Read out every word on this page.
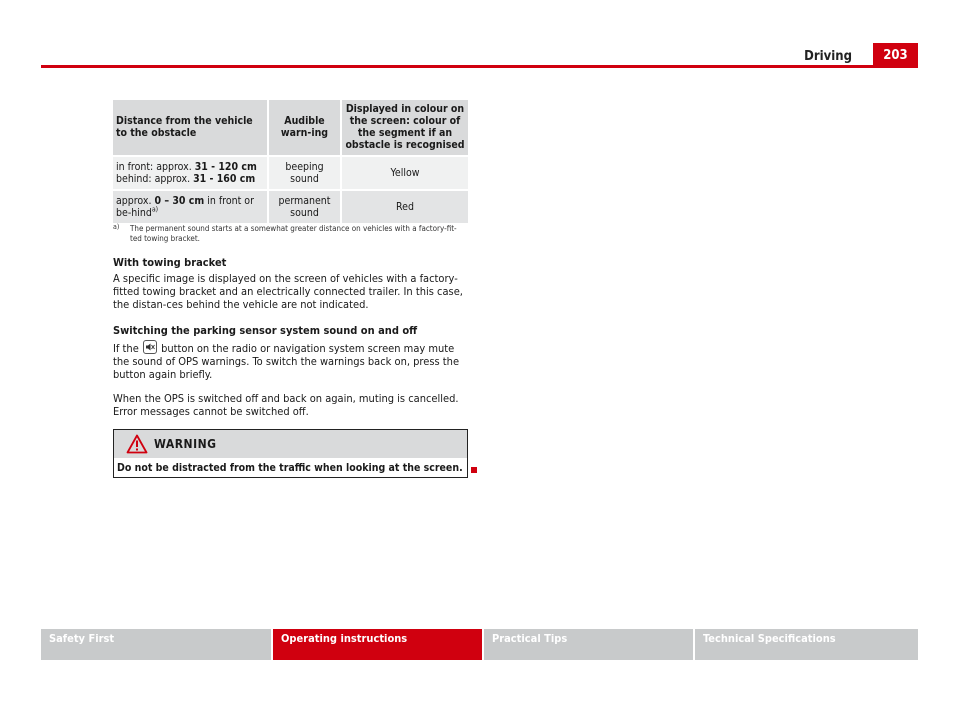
Driving	203
Distance from the vehicle to the obstacle	Audible warn-ing	Displayed in colour on the screen: colour of the segment if an obstacle is recognised
in front: approx. 31 - 120 cm
behind: approx. 31 - 160 cm	beeping sound	Yellow
approx. 0 – 30 cm in front or be-hind$^{a)}$	permanent sound	Red
a) The permanent sound starts at a somewhat greater distance on vehicles with a factory-fit-ted towing bracket.
With towing bracket
A specific image is displayed on the screen of vehicles with a factory-fitted towing bracket and an electrically connected trailer. In this case, the distan-ces behind the vehicle are not indicated.
Switching the parking sensor system sound on and off
If the button on the radio or navigation system screen may mute the sound of OPS warnings. To switch the warnings back on, press the button again briefly.
When the OPS is switched off and back on again, muting is cancelled. Error messages cannot be switched off.
WARNING
Do not be distracted from the traffic when looking at the screen.
Safety First	Operating instructions	Practical Tips	Technical Specifications
